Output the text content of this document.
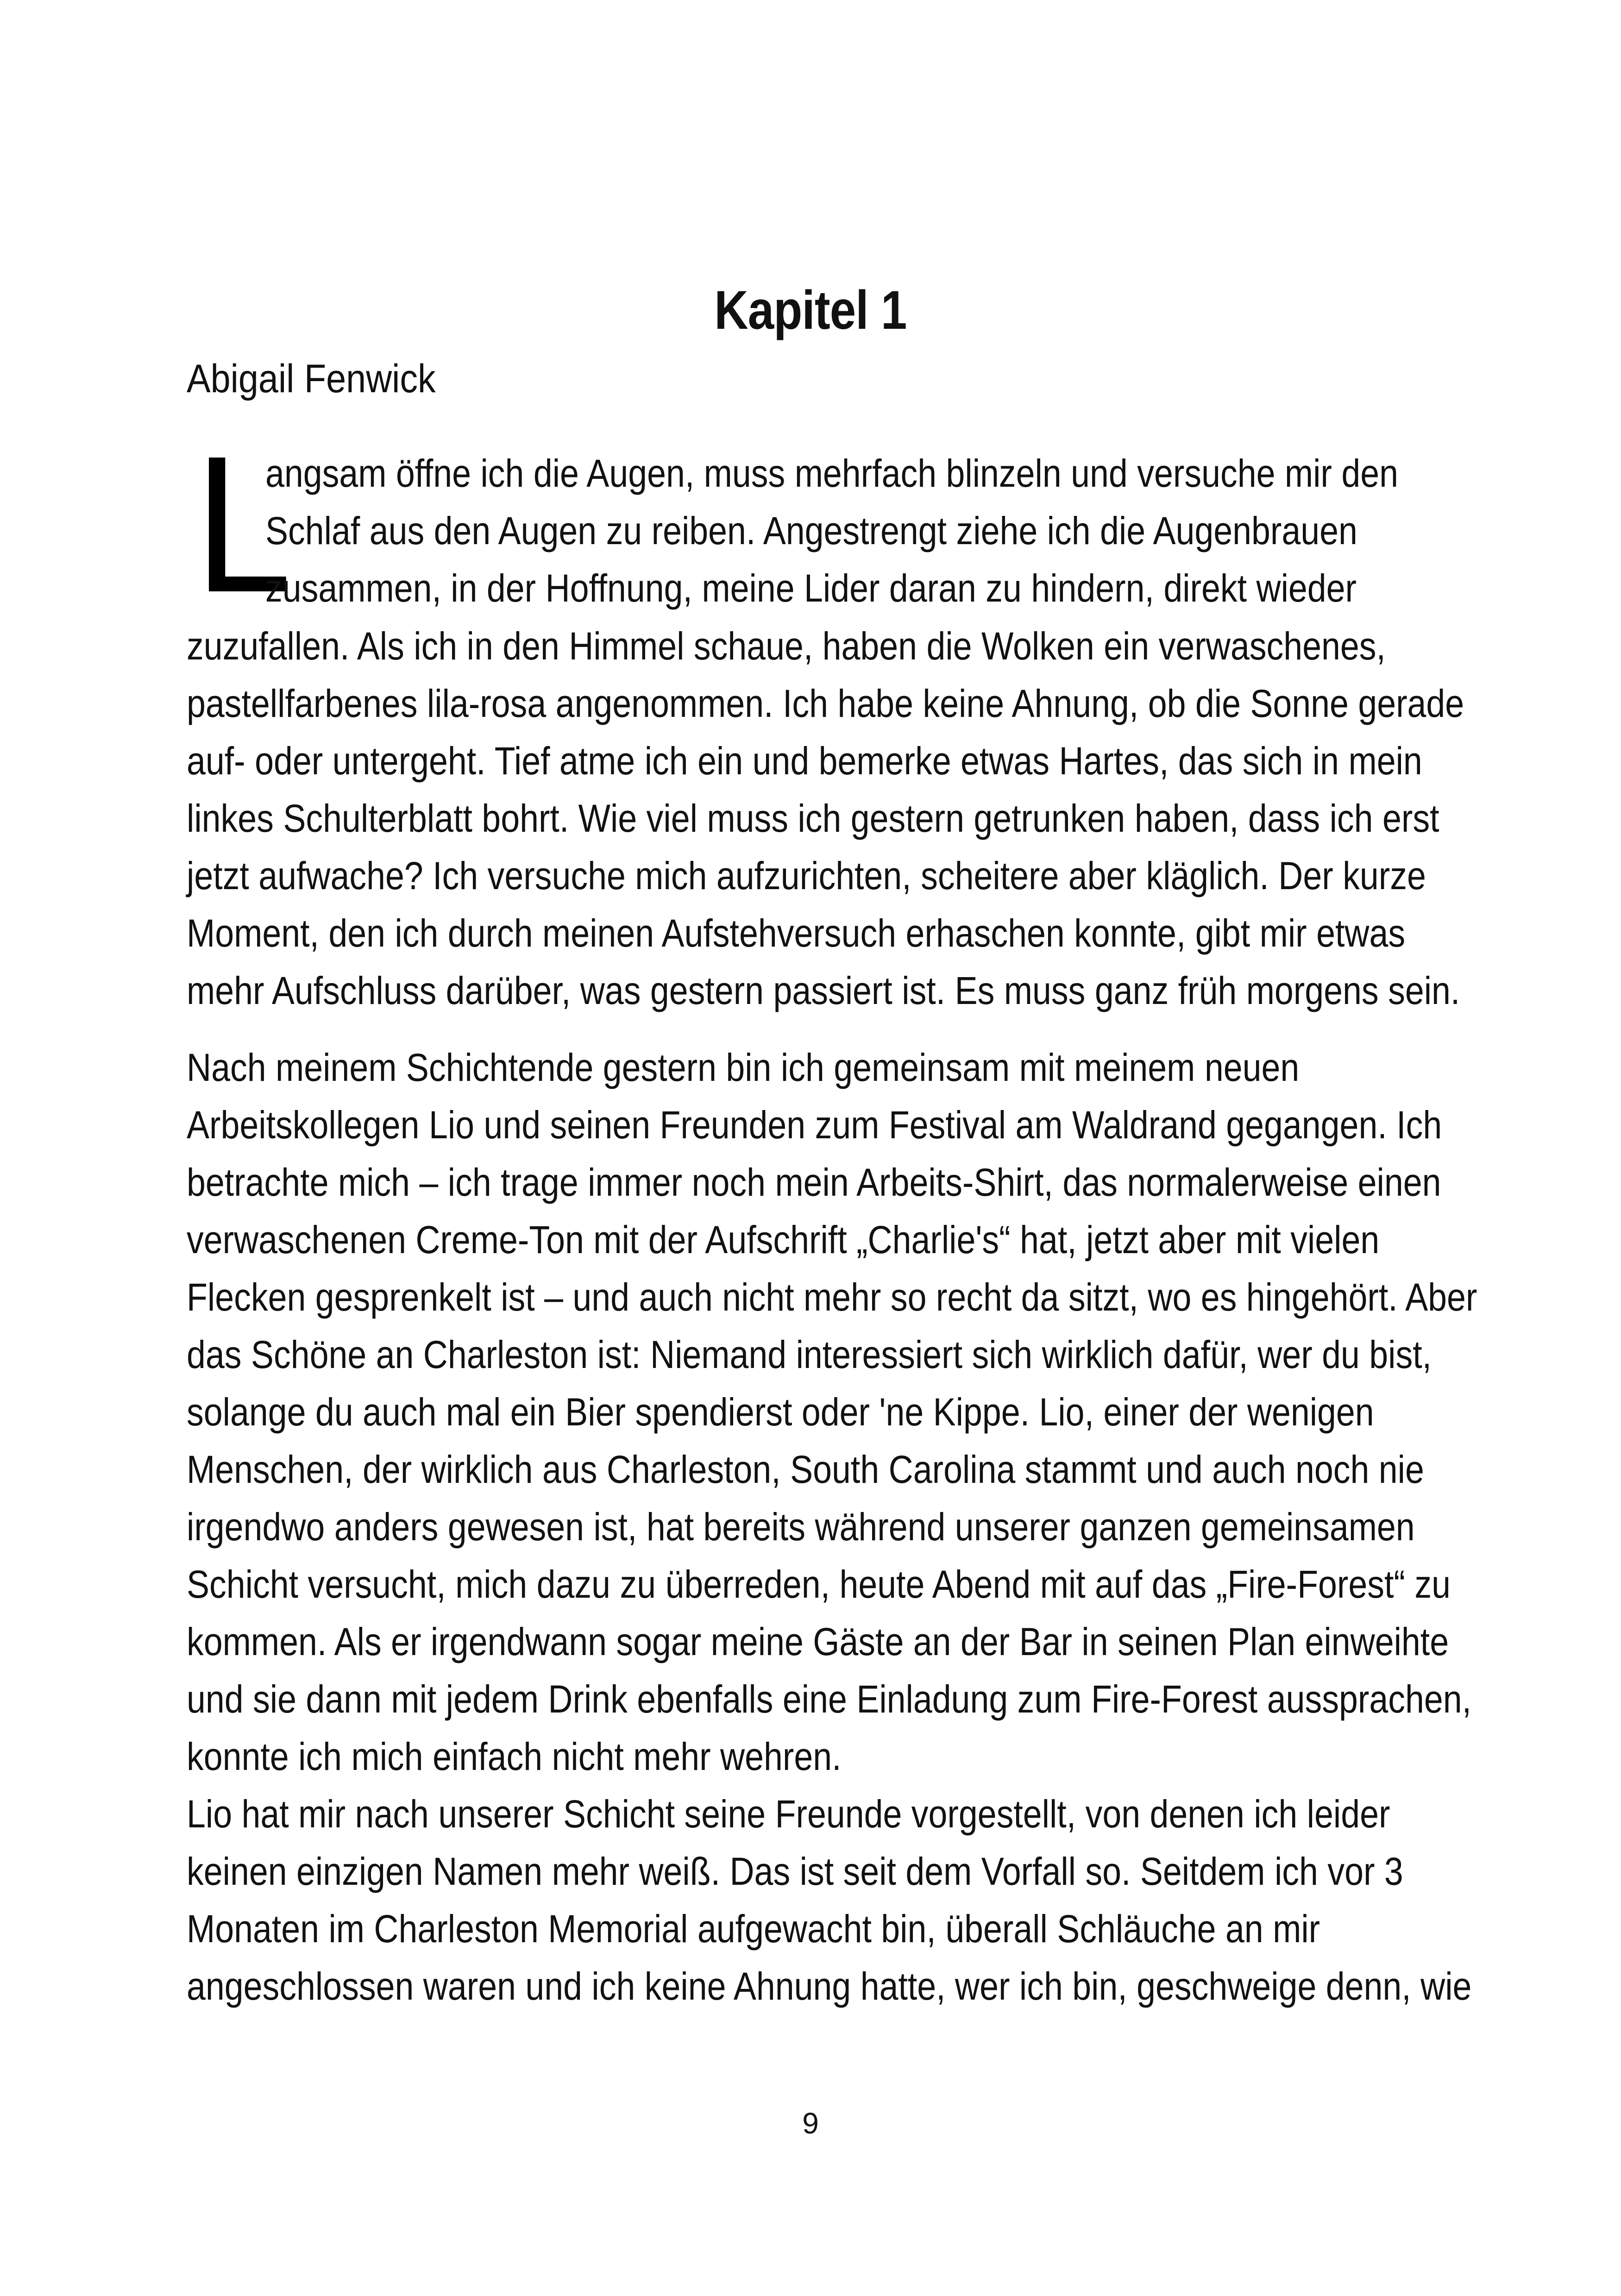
Kapitel 1
Abigail Fenwick
L
angsam öffne ich die Augen, muss mehrfach blinzeln und versuche mir den
Schlaf aus den Augen zu reiben. Angestrengt ziehe ich die Augenbrauen
zusammen, in der Hoffnung, meine Lider daran zu hindern, direkt wieder
zuzufallen. Als ich in den Himmel schaue, haben die Wolken ein verwaschenes,
pastellfarbenes lila-rosa angenommen. Ich habe keine Ahnung, ob die Sonne gerade
auf- oder untergeht. Tief atme ich ein und bemerke etwas Hartes, das sich in mein
linkes Schulterblatt bohrt. Wie viel muss ich gestern getrunken haben, dass ich erst
jetzt aufwache? Ich versuche mich aufzurichten, scheitere aber kläglich. Der kurze
Moment, den ich durch meinen Aufstehversuch erhaschen konnte, gibt mir etwas
mehr Aufschluss darüber, was gestern passiert ist. Es muss ganz früh morgens sein.
Nach meinem Schichtende gestern bin ich gemeinsam mit meinem neuen
Arbeitskollegen Lio und seinen Freunden zum Festival am Waldrand gegangen. Ich
betrachte mich – ich trage immer noch mein Arbeits-Shirt, das normalerweise einen
verwaschenen Creme-Ton mit der Aufschrift „Charlie's“ hat, jetzt aber mit vielen
Flecken gesprenkelt ist – und auch nicht mehr so recht da sitzt, wo es hingehört. Aber
das Schöne an Charleston ist: Niemand interessiert sich wirklich dafür, wer du bist,
solange du auch mal ein Bier spendierst oder 'ne Kippe. Lio, einer der wenigen
Menschen, der wirklich aus Charleston, South Carolina stammt und auch noch nie
irgendwo anders gewesen ist, hat bereits während unserer ganzen gemeinsamen
Schicht versucht, mich dazu zu überreden, heute Abend mit auf das „Fire-Forest“ zu
kommen. Als er irgendwann sogar meine Gäste an der Bar in seinen Plan einweihte
und sie dann mit jedem Drink ebenfalls eine Einladung zum Fire-Forest aussprachen,
konnte ich mich einfach nicht mehr wehren.
Lio hat mir nach unserer Schicht seine Freunde vorgestellt, von denen ich leider
keinen einzigen Namen mehr weiß. Das ist seit dem Vorfall so. Seitdem ich vor 3
Monaten im Charleston Memorial aufgewacht bin, überall Schläuche an mir
angeschlossen waren und ich keine Ahnung hatte, wer ich bin, geschweige denn, wie
9
